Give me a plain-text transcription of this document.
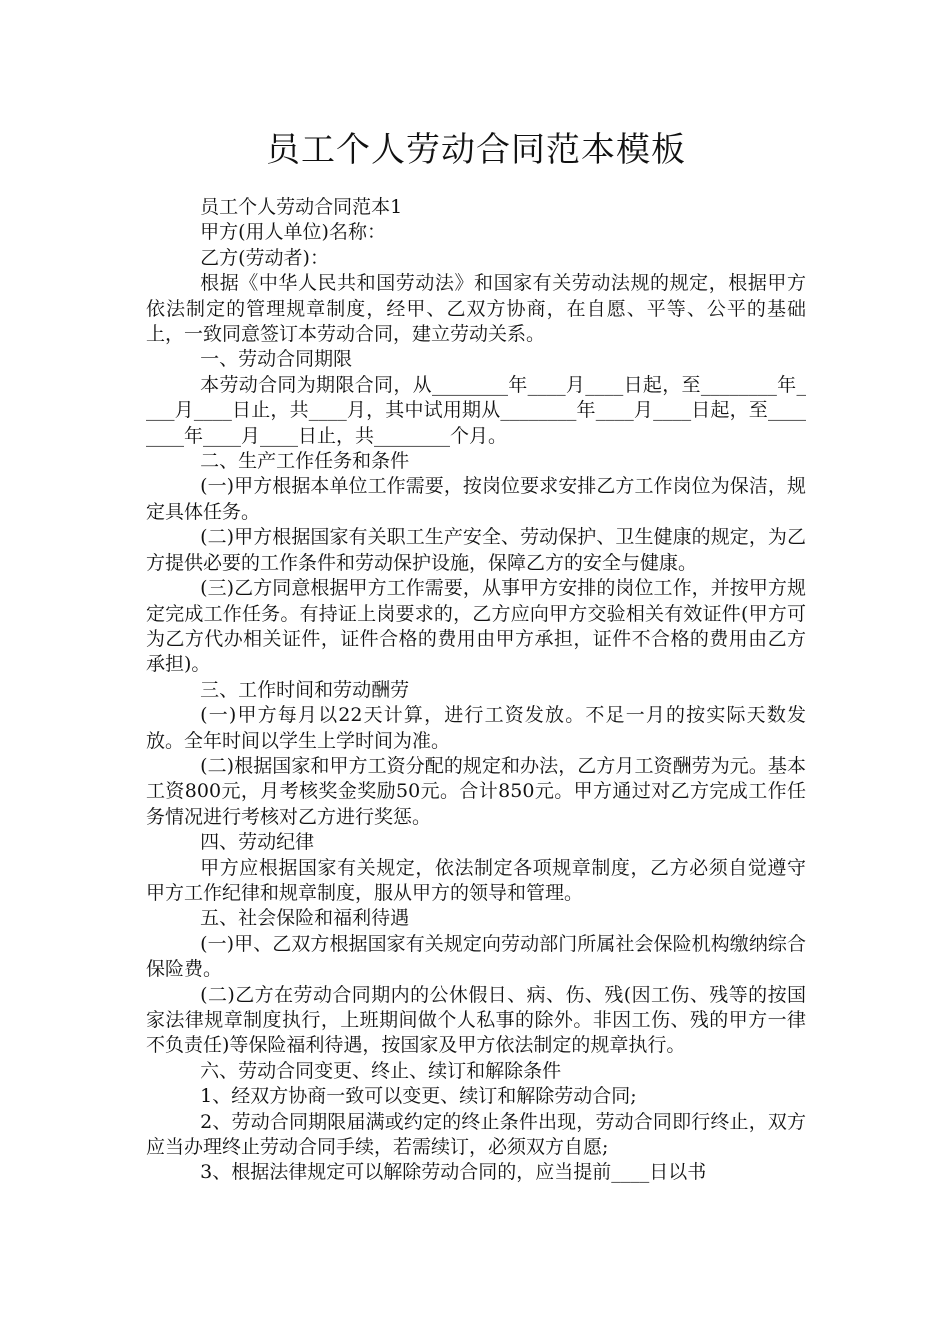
员工个人劳动合同范本模板

员工个人劳动合同范本1

甲方(用人单位)名称：

乙方(劳动者)：

根据《中华人民共和国劳动法》和国家有关劳动法规的规定，根据甲方依法制定的管理规章制度，经甲、乙双方协商，在自愿、平等、公平的基础上，一致同意签订本劳动合同，建立劳动关系。

一、劳动合同期限

本劳动合同为期限合同，从________年____月____日起，至________年____月____日止，共____月，其中试用期从________年____月____日起，至________年____月____日止，共________个月。

二、生产工作任务和条件

(一)甲方根据本单位工作需要，按岗位要求安排乙方工作岗位为保洁，规定具体任务。

(二)甲方根据国家有关职工生产安全、劳动保护、卫生健康的规定，为乙方提供必要的工作条件和劳动保护设施，保障乙方的安全与健康。

(三)乙方同意根据甲方工作需要，从事甲方安排的岗位工作，并按甲方规定完成工作任务。有持证上岗要求的，乙方应向甲方交验相关有效证件(甲方可为乙方代办相关证件，证件合格的费用由甲方承担，证件不合格的费用由乙方承担)。

三、工作时间和劳动酬劳

(一)甲方每月以22天计算，进行工资发放。不足一月的按实际天数发放。全年时间以学生上学时间为准。

(二)根据国家和甲方工资分配的规定和办法，乙方月工资酬劳为元。基本工资800元，月考核奖金奖励50元。合计850元。甲方通过对乙方完成工作任务情况进行考核对乙方进行奖惩。

四、劳动纪律

甲方应根据国家有关规定，依法制定各项规章制度，乙方必须自觉遵守甲方工作纪律和规章制度，服从甲方的领导和管理。

五、社会保险和福利待遇

(一)甲、乙双方根据国家有关规定向劳动部门所属社会保险机构缴纳综合保险费。

(二)乙方在劳动合同期内的公休假日、病、伤、残(因工伤、残等的按国家法律规章制度执行，上班期间做个人私事的除外。非因工伤、残的甲方一律不负责任)等保险福利待遇，按国家及甲方依法制定的规章执行。

六、劳动合同变更、终止、续订和解除条件

1、经双方协商一致可以变更、续订和解除劳动合同;

2、劳动合同期限届满或约定的终止条件出现，劳动合同即行终止，双方应当办理终止劳动合同手续，若需续订，必须双方自愿;

3、根据法律规定可以解除劳动合同的，应当提前____日以书
